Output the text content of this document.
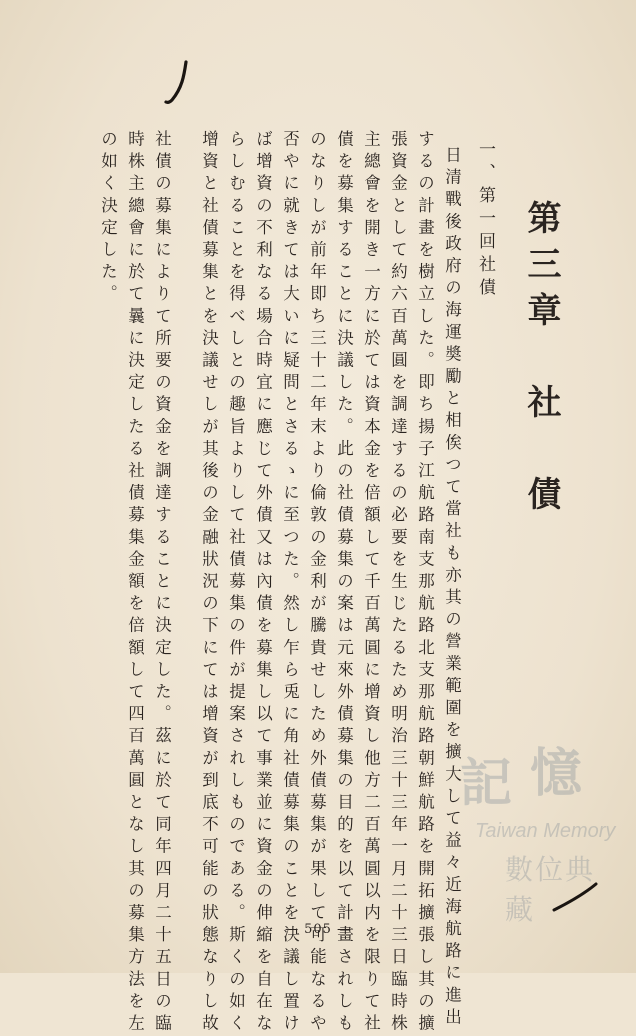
第三章　社　債
一、第一回社債
日清戰後政府の海運奬勵と相俟つて當社も亦其の營業範圍を擴大して益々近海航路に進出
するの計畫を樹立した。即ち揚子江航路南支那航路北支那航路朝鮮航路を開拓擴張し其の擴
張資金として約六百萬圓を調達するの必要を生じたるため明治三十三年一月二十三日臨時株
主總會を開き一方に於ては資本金を倍額して千百萬圓に增資し他方二百萬圓以内を限りて社
債を募集することに決議した。此の社債募集の案は元來外債募集の目的を以て計畫されしも
のなりしが前年即ち三十二年末より倫敦の金利が騰貴せしため外債募集が果して可能なるや
否やに就きては大いに疑問とさるゝに至つた。然し乍ら兎に角社債募集のことを決議し置け
ば增資の不利なる場合時宜に應じて外債又は內債を募集し以て事業並に資金の伸縮を自在な
らしむることを得べしとの趣旨よりして社債募集の件が提案されしものである。斯くの如く
增資と社債募集とを決議せしが其後の金融狀況の下にては增資が到底不可能の狀態なりし故
社債の募集によりて所要の資金を調達することに決定した。茲に於て同年四月二十五日の臨
時株主總會に於て曩に決定したる社債募集金額を倍額して四百萬圓となし其の募集方法を左
の如く決定した。
記 憶
Taiwan Memory
數位典藏
— 505 —
